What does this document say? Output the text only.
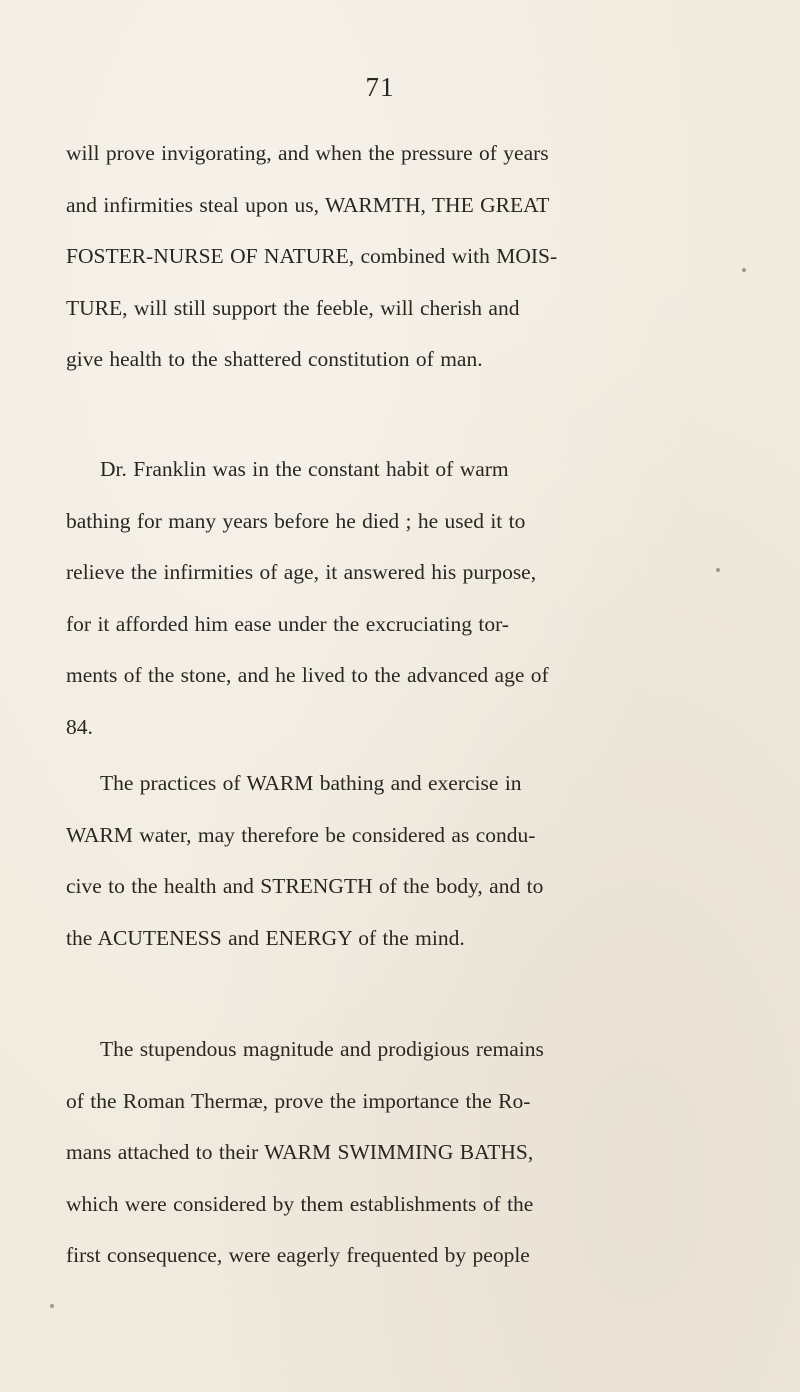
71
will prove invigorating, and when the pressure of years
and infirmities steal upon us, WARMTH, THE GREAT
FOSTER-NURSE OF NATURE, combined with MOIS-
TURE, will still support the feeble, will cherish and
give health to the shattered constitution of man.
Dr. Franklin was in the constant habit of warm
bathing for many years before he died ; he used it to
relieve the infirmities of age, it answered his purpose,
for it afforded him ease under the excruciating tor-
ments of the stone, and he lived to the advanced age of
84.
The practices of WARM bathing and exercise in
WARM water, may therefore be considered as condu-
cive to the health and STRENGTH of the body, and to
the ACUTENESS and ENERGY of the mind.
The stupendous magnitude and prodigious remains
of the Roman Thermæ, prove the importance the Ro-
mans attached to their WARM SWIMMING BATHS,
which were considered by them establishments of the
first consequence, were eagerly frequented by people
